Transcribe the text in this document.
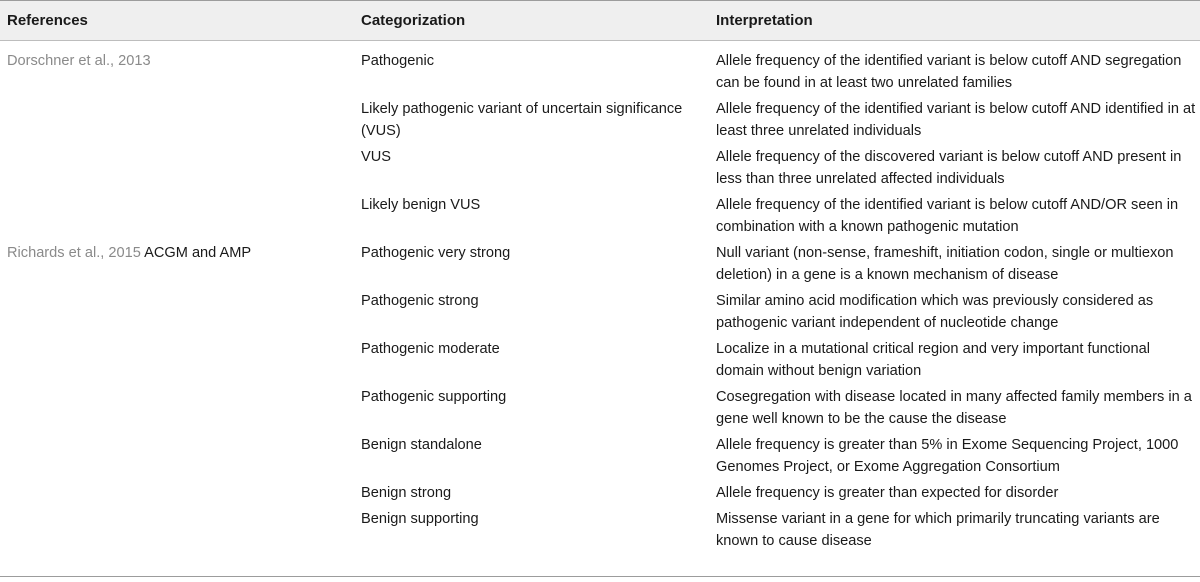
References	Categorization	Interpretation
Dorschner et al., 2013	Pathogenic	Allele frequency of the identified variant is below cutoff AND segregation can be found in at least two unrelated families
	Likely pathogenic variant of uncertain significance (VUS)	Allele frequency of the identified variant is below cutoff AND identified in at least three unrelated individuals
	VUS	Allele frequency of the discovered variant is below cutoff AND present in less than three unrelated affected individuals
	Likely benign VUS	Allele frequency of the identified variant is below cutoff AND/OR seen in combination with a known pathogenic mutation
Richards et al., 2015 ACGM and AMP	Pathogenic very strong	Null variant (non-sense, frameshift, initiation codon, single or multiexon deletion) in a gene is a known mechanism of disease
	Pathogenic strong	Similar amino acid modification which was previously considered as pathogenic variant independent of nucleotide change
	Pathogenic moderate	Localize in a mutational critical region and very important functional domain without benign variation
	Pathogenic supporting	Cosegregation with disease located in many affected family members in a gene well known to be the cause the disease
	Benign standalone	Allele frequency is greater than 5% in Exome Sequencing Project, 1000 Genomes Project, or Exome Aggregation Consortium
	Benign strong	Allele frequency is greater than expected for disorder
	Benign supporting	Missense variant in a gene for which primarily truncating variants are known to cause disease
